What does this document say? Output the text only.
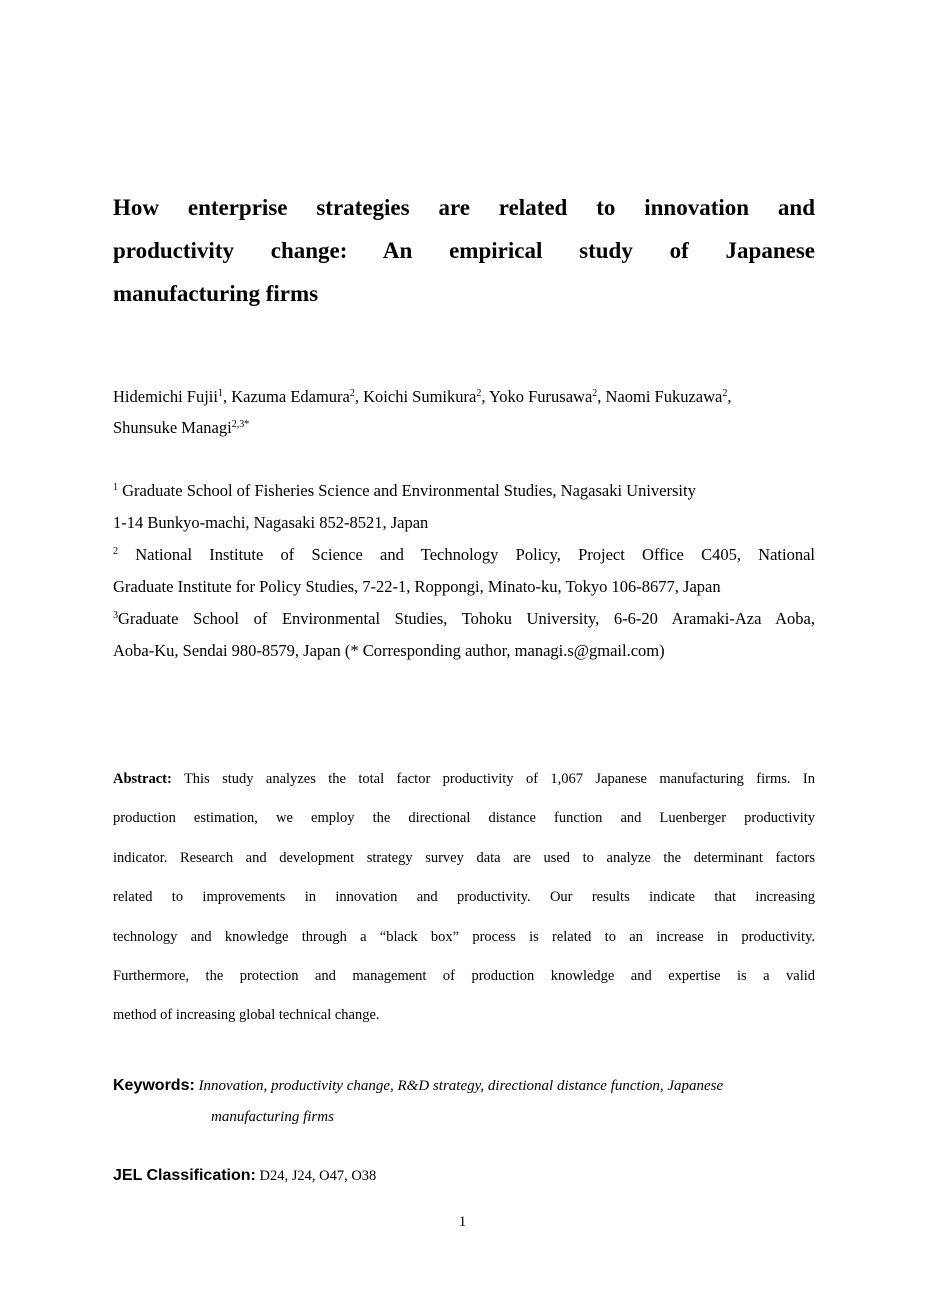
How enterprise strategies are related to innovation and
productivity change: An empirical study of Japanese
manufacturing firms
Hidemichi Fujii$^1$, Kazuma Edamura$^2$, Koichi Sumikura$^2$, Yoko Furusawa$^2$, Naomi Fukuzawa$^2$,
Shunsuke Managi$^{2,3*}$
$^1$ Graduate School of Fisheries Science and Environmental Studies, Nagasaki University
1-14 Bunkyo-machi, Nagasaki 852-8521, Japan
$^2$ National Institute of Science and Technology Policy, Project Office C405, National
Graduate Institute for Policy Studies, 7-22-1, Roppongi, Minato-ku, Tokyo 106-8677, Japan
$^3$Graduate School of Environmental Studies, Tohoku University, 6-6-20 Aramaki-Aza Aoba,
Aoba-Ku, Sendai 980-8579, Japan (* Corresponding author, managi.s@gmail.com)
Abstract: This study analyzes the total factor productivity of 1,067 Japanese manufacturing firms. In
production estimation, we employ the directional distance function and Luenberger productivity
indicator. Research and development strategy survey data are used to analyze the determinant factors
related to improvements in innovation and productivity. Our results indicate that increasing
technology and knowledge through a “black box” process is related to an increase in productivity.
Furthermore, the protection and management of production knowledge and expertise is a valid
method of increasing global technical change.
Keywords: Innovation, productivity change, R&D strategy, directional distance function, Japanese
manufacturing firms
JEL Classification: D24, J24, O47, O38
1
